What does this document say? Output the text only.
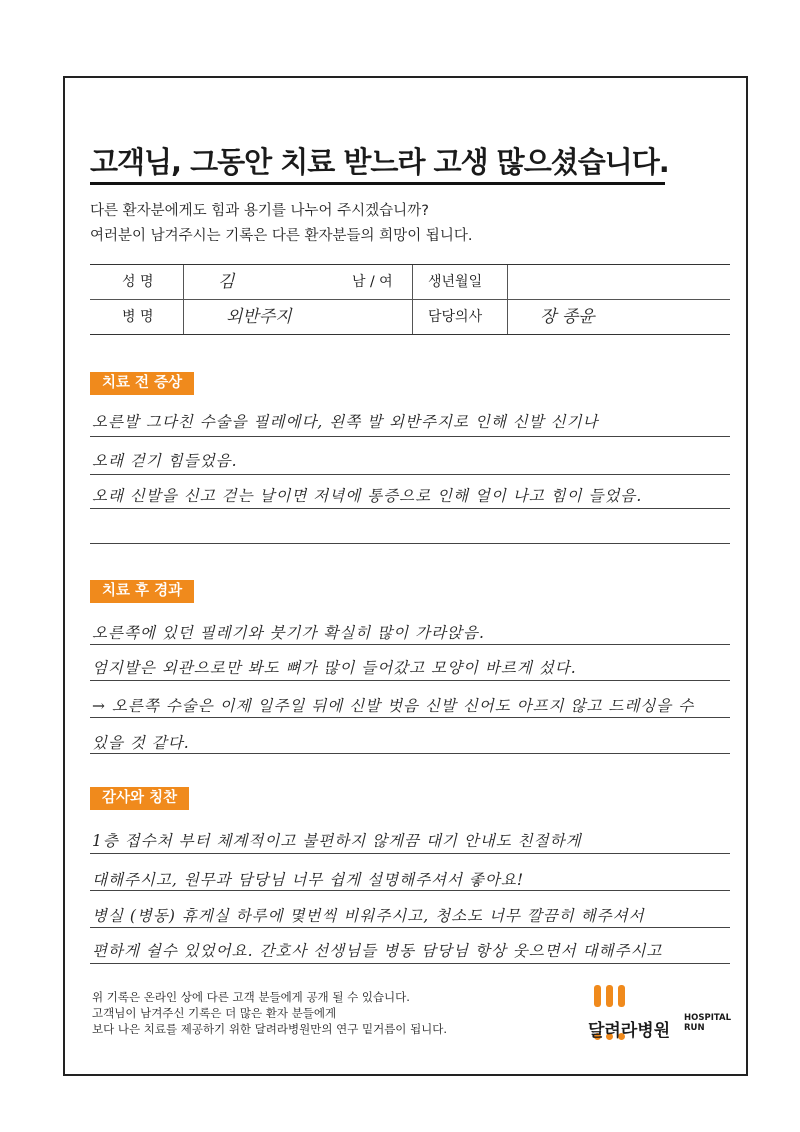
고객님, 그동안 치료 받느라 고생 많으셨습니다.
다른 환자분에게도 힘과 용기를 나누어 주시겠습니까?
여러분이 남겨주시는 기록은 다른 환자분들의 희망이 됩니다.
성 명	김	남 / 여	생년월일
병 명	외반주지	담당의사	장 종윤
치료 전 증상
오른발 그다친 수술을 필레에다, 왼쪽 발 외반주지로 인해 신발 신기나
오래 걷기 힘들었음.
오래 신발을 신고 걷는 날이면 저녁에 통증으로 인해 얼이 나고 힘이 들었음.
치료 후 경과
오른쪽에 있던 필레기와 붓기가 확실히 많이 가라앉음.
엄지발은 외관으로만 봐도 뼈가 많이 들어갔고 모양이 바르게 섰다.
→ 오른쪽 수술은 이제 일주일 뒤에 신발 벗음 신발 신어도 아프지 않고 드레싱을 수
있을 것 같다.
감사와 칭찬
1층 접수처 부터 체계적이고 불편하지 않게끔 대기 안내도 친절하게
대해주시고, 원무과 담당님 너무 쉽게 설명해주셔서 좋아요!
병실 (병동) 휴게실 하루에 몇번씩 비워주시고, 청소도 너무 깔끔히 해주셔서
편하게 쉴수 있었어요. 간호사 선생님들 병동 담당님 항상 웃으면서 대해주시고
위 기록은 온라인 상에 다른 고객 분들에게 공개 될 수 있습니다.
고객님이 남겨주신 기록은 더 많은 환자 분들에게
보다 나은 치료를 제공하기 위한 달려라병원만의 연구 밑거름이 됩니다.	달려라병원
HOSPITAL
RUN
